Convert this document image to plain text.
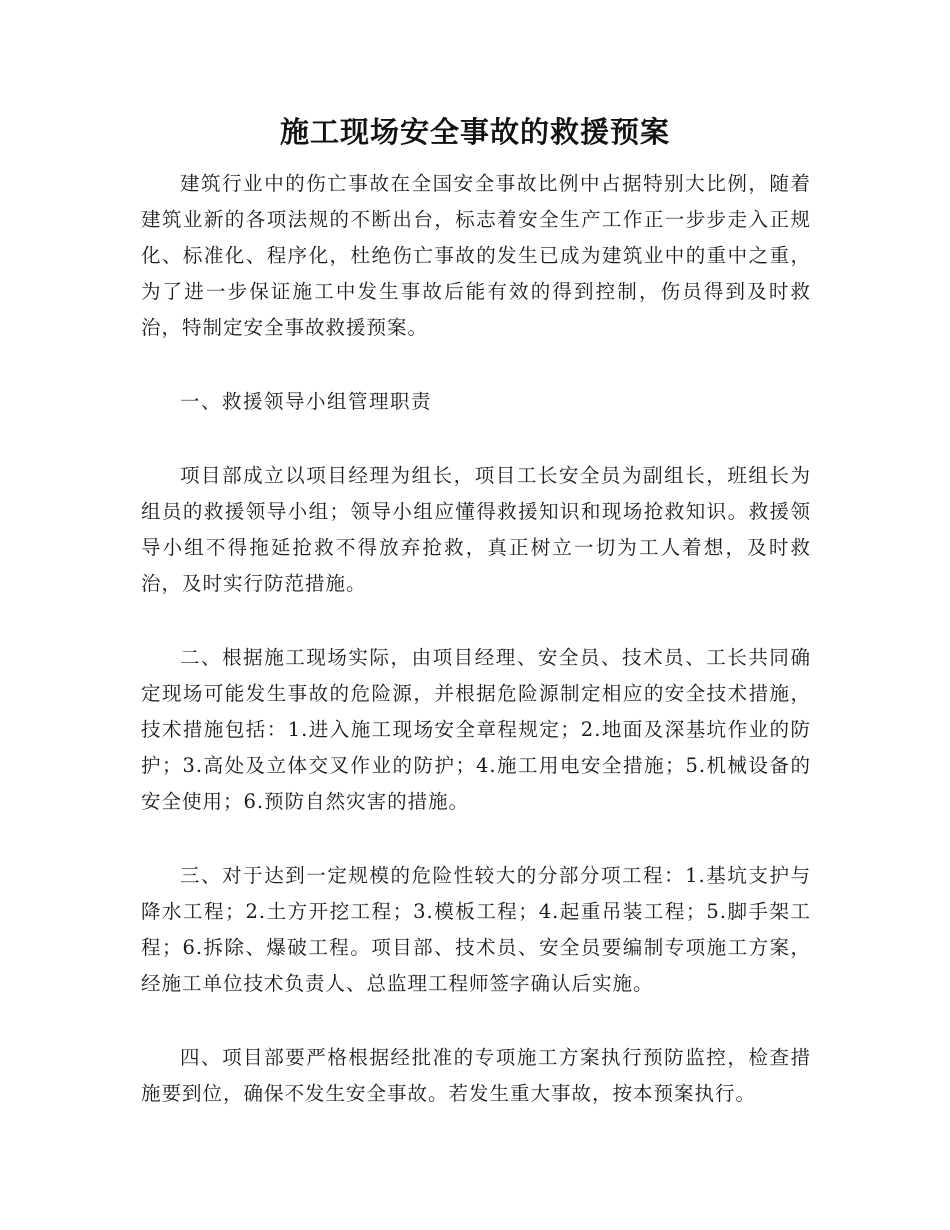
施工现场安全事故的救援预案

建筑行业中的伤亡事故在全国安全事故比例中占据特别大比例，随着建筑业新的各项法规的不断出台，标志着安全生产工作正一步步走入正规化、标准化、程序化，杜绝伤亡事故的发生已成为建筑业中的重中之重，为了进一步保证施工中发生事故后能有效的得到控制，伤员得到及时救治，特制定安全事故救援预案。

一、救援领导小组管理职责

项目部成立以项目经理为组长，项目工长安全员为副组长，班组长为组员的救援领导小组；领导小组应懂得救援知识和现场抢救知识。救援领导小组不得拖延抢救不得放弃抢救，真正树立一切为工人着想，及时救治，及时实行防范措施。

二、根据施工现场实际，由项目经理、安全员、技术员、工长共同确定现场可能发生事故的危险源，并根据危险源制定相应的安全技术措施，技术措施包括：1.进入施工现场安全章程规定；2.地面及深基坑作业的防护；3.高处及立体交叉作业的防护；4.施工用电安全措施；5.机械设备的安全使用；6.预防自然灾害的措施。

三、对于达到一定规模的危险性较大的分部分项工程：1.基坑支护与降水工程；2.土方开挖工程；3.模板工程；4.起重吊装工程；5.脚手架工程；6.拆除、爆破工程。项目部、技术员、安全员要编制专项施工方案，经施工单位技术负责人、总监理工程师签字确认后实施。

四、项目部要严格根据经批准的专项施工方案执行预防监控，检查措施要到位，确保不发生安全事故。若发生重大事故，按本预案执行。
